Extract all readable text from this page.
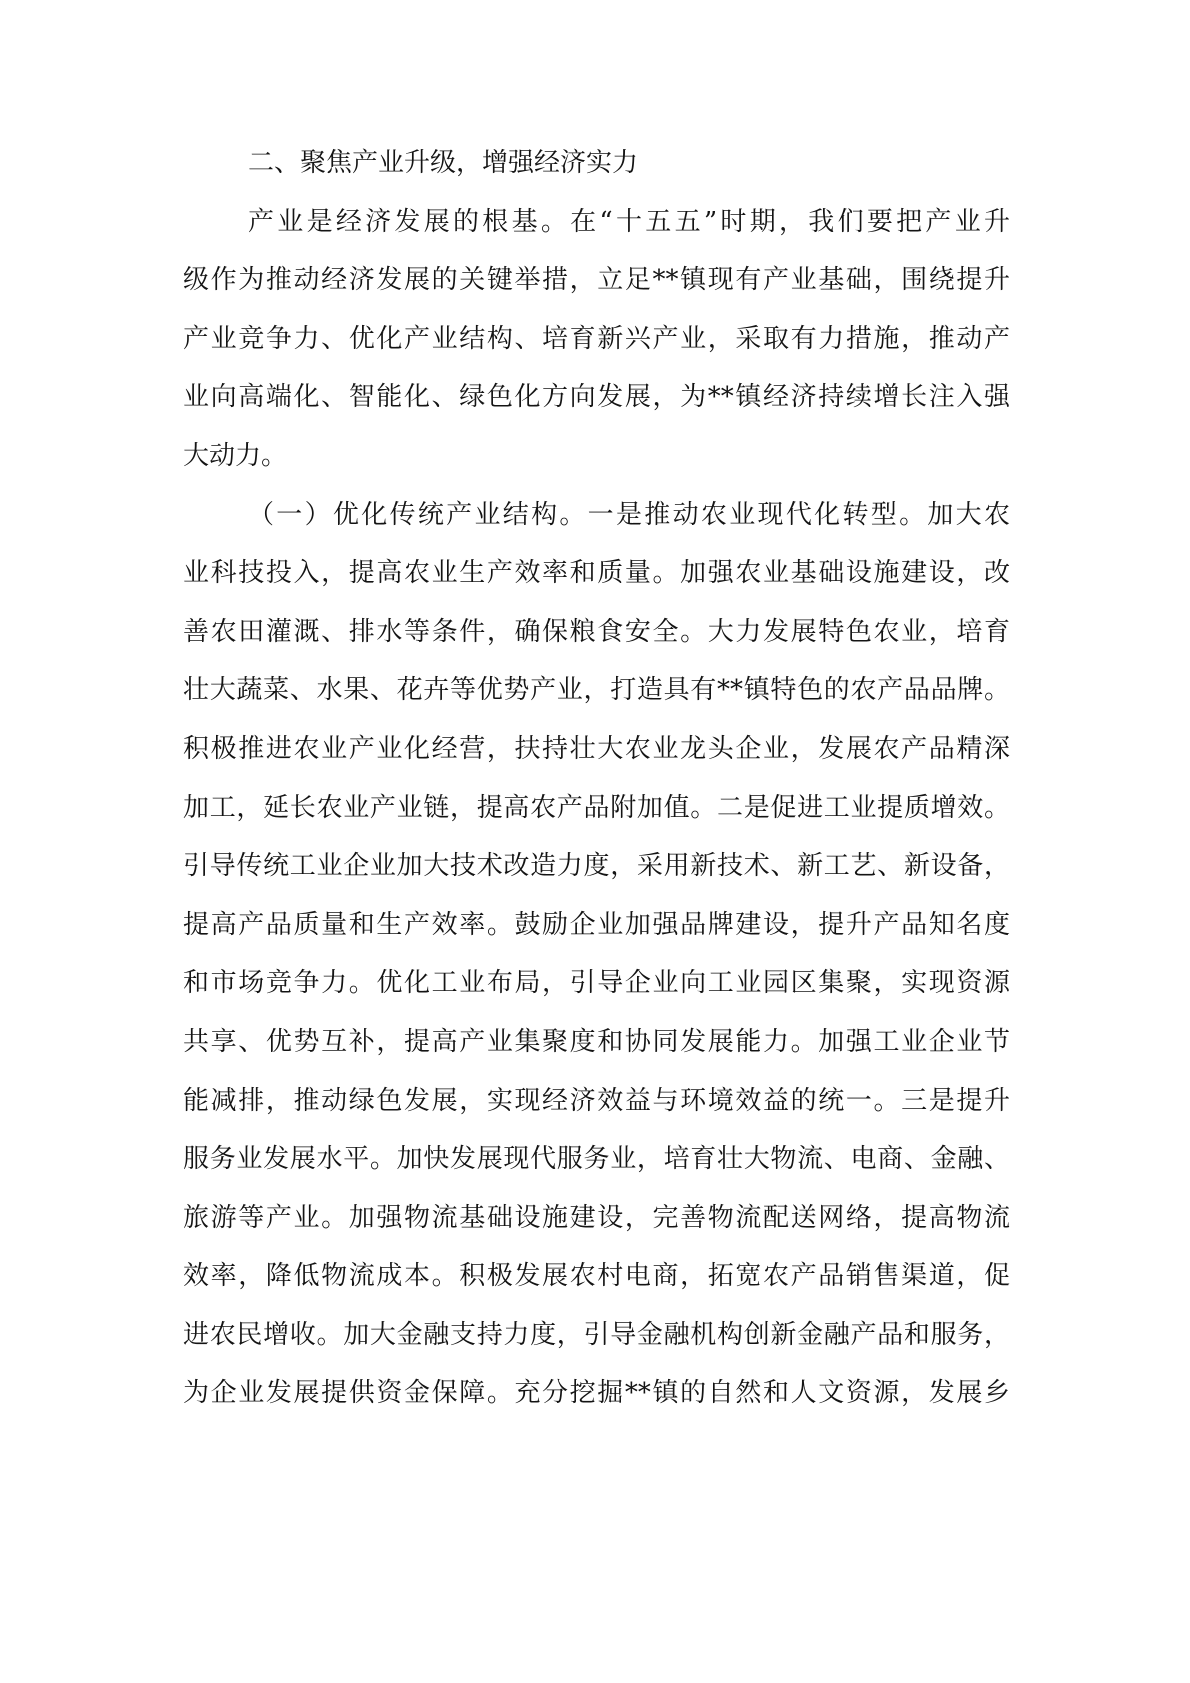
二、聚焦产业升级，增强经济实力
产业是经济发展的根基。在“十五五”时期，我们要把产业升
级作为推动经济发展的关键举措，立足**镇现有产业基础，围绕提升
产业竞争力、优化产业结构、培育新兴产业，采取有力措施，推动产
业向高端化、智能化、绿色化方向发展，为**镇经济持续增长注入强
大动力。
（一）优化传统产业结构。一是推动农业现代化转型。加大农
业科技投入，提高农业生产效率和质量。加强农业基础设施建设，改
善农田灌溉、排水等条件，确保粮食安全。大力发展特色农业，培育
壮大蔬菜、水果、花卉等优势产业，打造具有**镇特色的农产品品牌。
积极推进农业产业化经营，扶持壮大农业龙头企业，发展农产品精深
加工，延长农业产业链，提高农产品附加值。二是促进工业提质增效。
引导传统工业企业加大技术改造力度，采用新技术、新工艺、新设备，
提高产品质量和生产效率。鼓励企业加强品牌建设，提升产品知名度
和市场竞争力。优化工业布局，引导企业向工业园区集聚，实现资源
共享、优势互补，提高产业集聚度和协同发展能力。加强工业企业节
能减排，推动绿色发展，实现经济效益与环境效益的统一。三是提升
服务业发展水平。加快发展现代服务业，培育壮大物流、电商、金融、
旅游等产业。加强物流基础设施建设，完善物流配送网络，提高物流
效率，降低物流成本。积极发展农村电商，拓宽农产品销售渠道，促
进农民增收。加大金融支持力度，引导金融机构创新金融产品和服务，
为企业发展提供资金保障。充分挖掘**镇的自然和人文资源，发展乡
